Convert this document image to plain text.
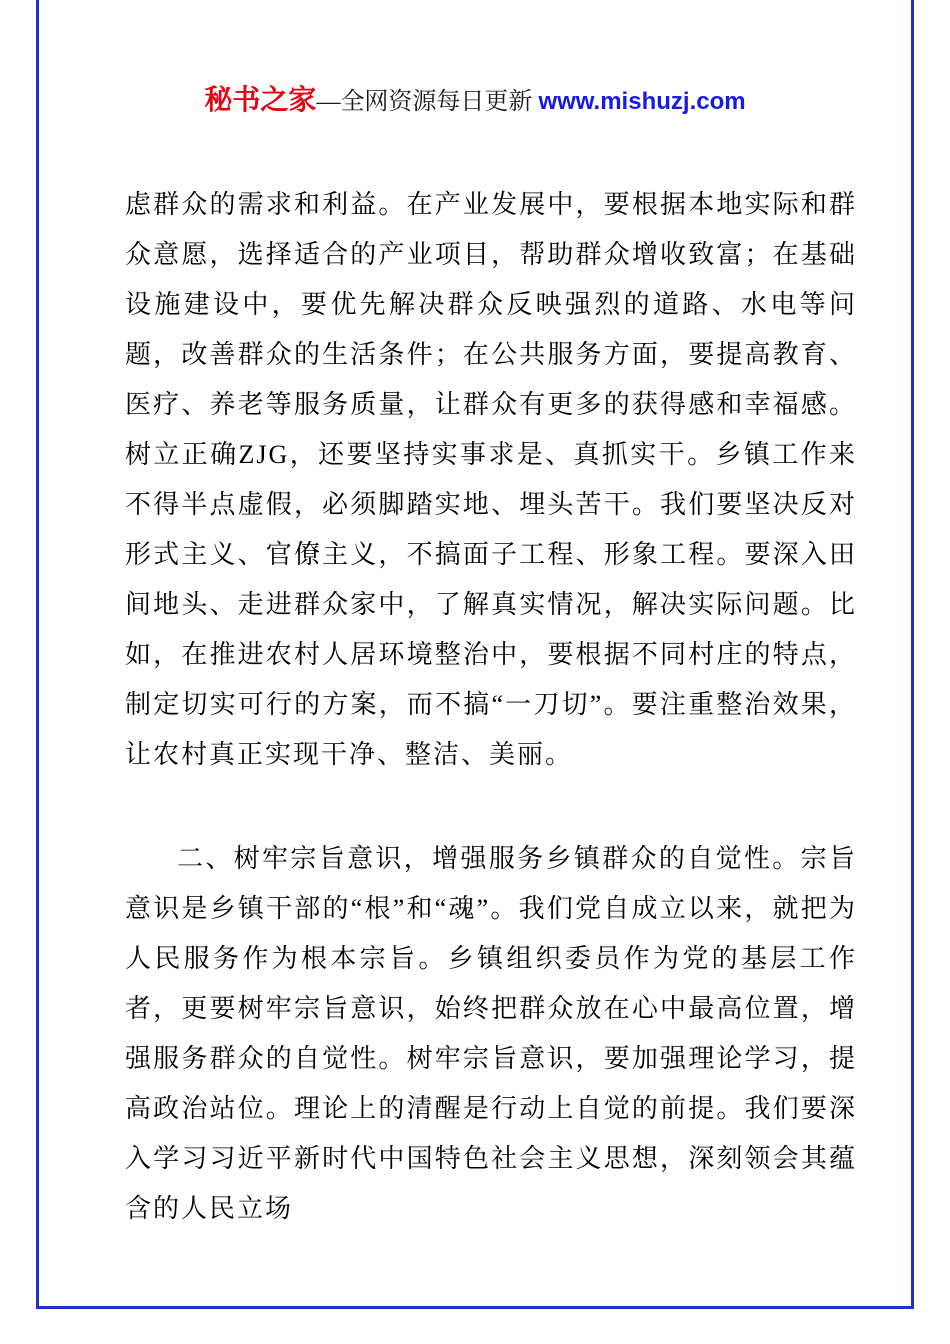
秘书之家—全网资源每日更新 www.mishuzj.com

虑群众的需求和利益。在产业发展中，要根据本地实际和群众意愿，选择适合的产业项目，帮助群众增收致富；在基础设施建设中，要优先解决群众反映强烈的道路、水电等问题，改善群众的生活条件；在公共服务方面，要提高教育、医疗、养老等服务质量，让群众有更多的获得感和幸福感。树立正确ZJG，还要坚持实事求是、真抓实干。乡镇工作来不得半点虚假，必须脚踏实地、埋头苦干。我们要坚决反对形式主义、官僚主义，不搞面子工程、形象工程。要深入田间地头、走进群众家中，了解真实情况，解决实际问题。比如，在推进农村人居环境整治中，要根据不同村庄的特点，制定切实可行的方案，而不搞“一刀切”。要注重整治效果，让农村真正实现干净、整洁、美丽。

二、树牢宗旨意识，增强服务乡镇群众的自觉性。宗旨意识是乡镇干部的“根”和“魂”。我们党自成立以来，就把为人民服务作为根本宗旨。乡镇组织委员作为党的基层工作者，更要树牢宗旨意识，始终把群众放在心中最高位置，增强服务群众的自觉性。树牢宗旨意识，要加强理论学习，提高政治站位。理论上的清醒是行动上自觉的前提。我们要深入学习习近平新时代中国特色社会主义思想，深刻领会其蕴含的人民立场
